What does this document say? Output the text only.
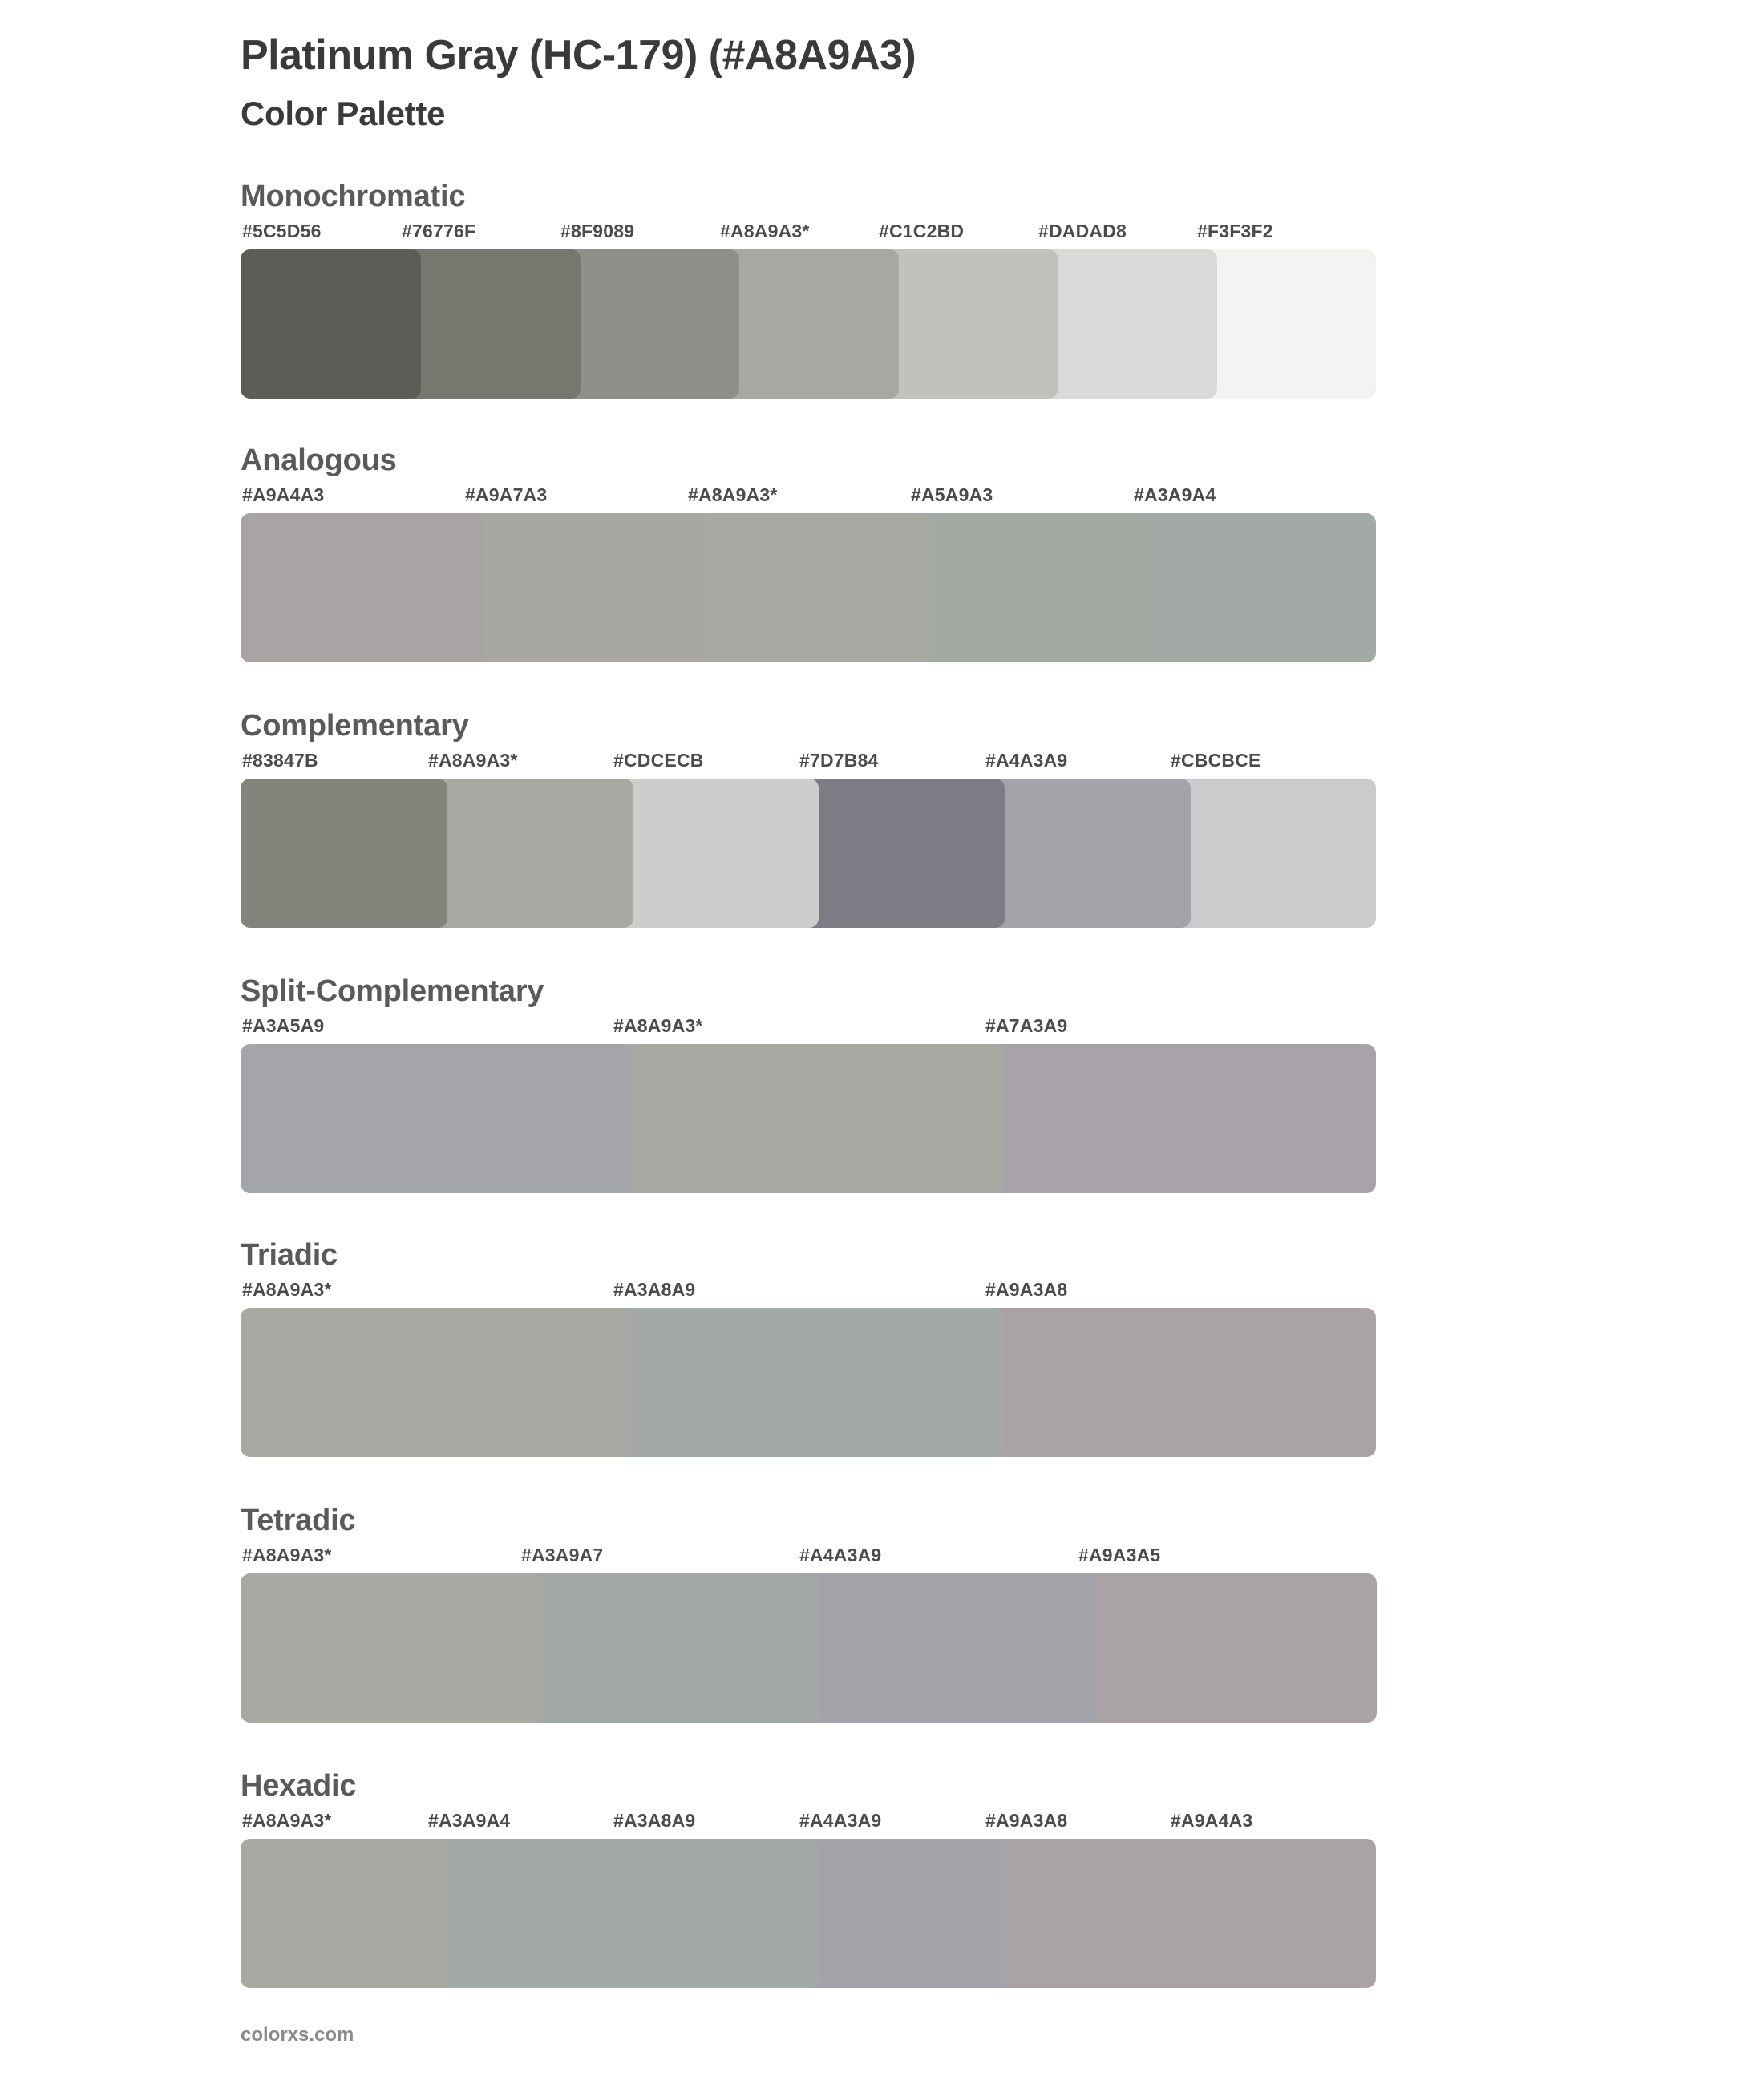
Platinum Gray (HC-179) (#A8A9A3)
Color Palette
Monochromatic
#5C5D56	#76776F	#8F9089	#A8A9A3*	#C1C2BD	#DADAD8	#F3F3F2
Analogous
#A9A4A3	#A9A7A3	#A8A9A3*	#A5A9A3	#A3A9A4
Complementary
#83847B	#A8A9A3*	#CDCECB	#7D7B84	#A4A3A9	#CBCBCE
Split-Complementary
#A3A5A9	#A8A9A3*	#A7A3A9
Triadic
#A8A9A3*	#A3A8A9	#A9A3A8
Tetradic
#A8A9A3*	#A3A9A7	#A4A3A9	#A9A3A5
Hexadic
#A8A9A3*	#A3A9A4	#A3A8A9	#A4A3A9	#A9A3A8	#A9A4A3
colorxs.com
